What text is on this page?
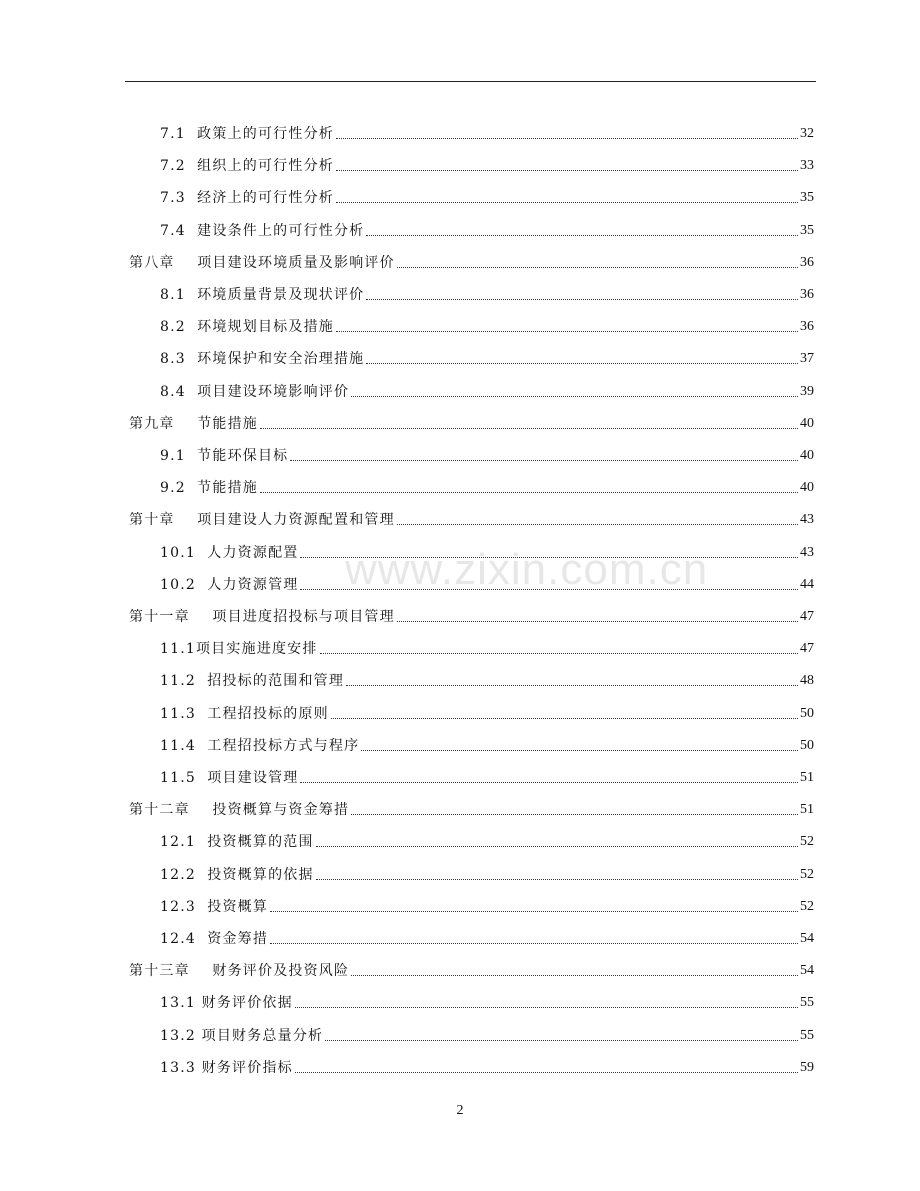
7.1  政策上的可行性分析	32
7.2  组织上的可行性分析	33
7.3  经济上的可行性分析	35
7.4  建设条件上的可行性分析	35
第八章    项目建设环境质量及影响评价	36
8.1  环境质量背景及现状评价	36
8.2  环境规划目标及措施	36
8.3  环境保护和安全治理措施	37
8.4  项目建设环境影响评价	39
第九章    节能措施	40
9.1  节能环保目标	40
9.2  节能措施	40
第十章    项目建设人力资源配置和管理	43
10.1  人力资源配置	43
10.2  人力资源管理	44
第十一章    项目进度招投标与项目管理	47
11.1项目实施进度安排	47
11.2  招投标的范围和管理	48
11.3  工程招投标的原则	50
11.4  工程招投标方式与程序	50
11.5  项目建设管理	51
第十二章    投资概算与资金筹措	51
12.1  投资概算的范围	52
12.2  投资概算的依据	52
12.3  投资概算	52
12.4  资金筹措	54
第十三章    财务评价及投资风险	54
13.1 财务评价依据	55
13.2 项目财务总量分析	55
13.3 财务评价指标	59
www.zixin.com.cn
2
